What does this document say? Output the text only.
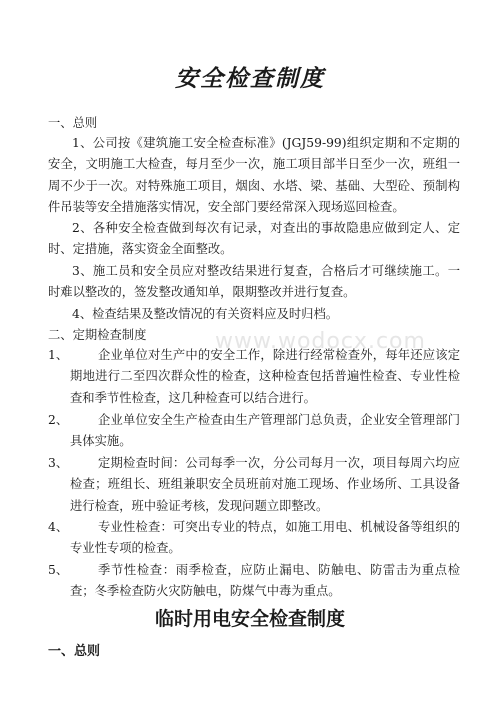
安全检查制度
一、总则
1、公司按《建筑施工安全检查标准》(JGJ59-99)组织定期和不定期的安全，文明施工大检查，每月至少一次，施工项目部半日至少一次，班组一周不少于一次。对特殊施工项目，烟囱、水塔、梁、基础、大型砼、预制构件吊装等安全措施落实情况，安全部门要经常深入现场巡回检查。
2、各种安全检查做到每次有记录，对查出的事故隐患应做到定人、定时、定措施，落实资金全面整改。
3、施工员和安全员应对整改结果进行复查，合格后才可继续施工。一时难以整改的，签发整改通知单，限期整改并进行复查。
4、检查结果及整改情况的有关资料应及时归档。
www.wodocx.com
二、定期检查制度
1、	企业单位对生产中的安全工作，除进行经常检查外，每年还应该定期地进行二至四次群众性的检查，这种检查包括普遍性检查、专业性检查和季节性检查，这几种检查可以结合进行。
2、	企业单位安全生产检查由生产管理部门总负责，企业安全管理部门具体实施。
3、	定期检查时间：公司每季一次，分公司每月一次，项目每周六均应检查；班组长、班组兼职安全员班前对施工现场、作业场所、工具设备进行检查，班中验证考核，发现问题立即整改。
4、	专业性检查：可突出专业的特点，如施工用电、机械设备等组织的专业性专项的检查。
5、	季节性检查：雨季检查，应防止漏电、防触电、防雷击为重点检查；冬季检查防火灾防触电，防煤气中毒为重点。
临时用电安全检查制度
一、总则
